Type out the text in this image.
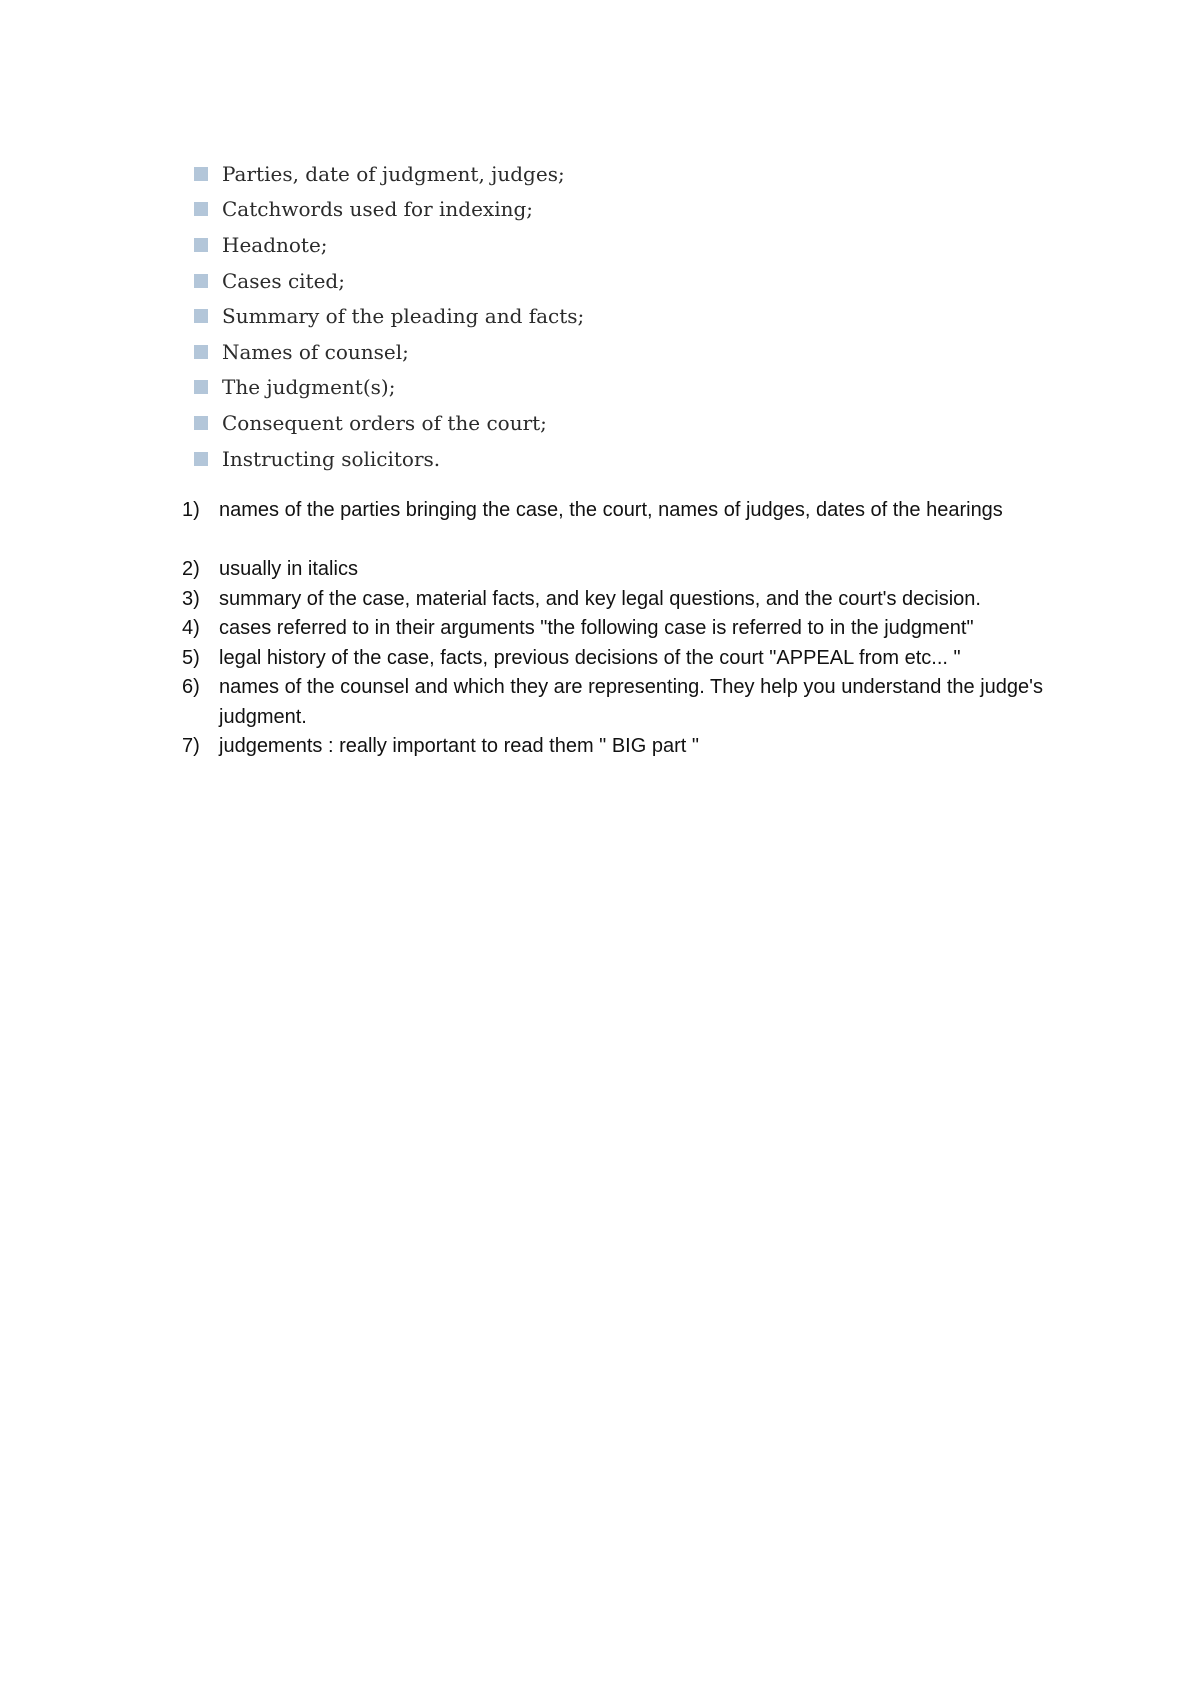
Parties, date of judgment, judges;
Catchwords used for indexing;
Headnote;
Cases cited;
Summary of the pleading and facts;
Names of counsel;
The judgment(s);
Consequent orders of the court;
Instructing solicitors.
1) names of the parties bringing the case, the court, names of judges, dates of the hearings
2) usually in italics
3) summary of the case, material facts, and key legal questions, and the court's decision.
4) cases referred to in their arguments "the following case is referred to in the judgment"
5) legal history of the case, facts, previous decisions of the court "APPEAL from etc... "
6) names of the counsel and which they are representing. They help you understand the judge's judgment.
7) judgements : really important to read them " BIG part "
